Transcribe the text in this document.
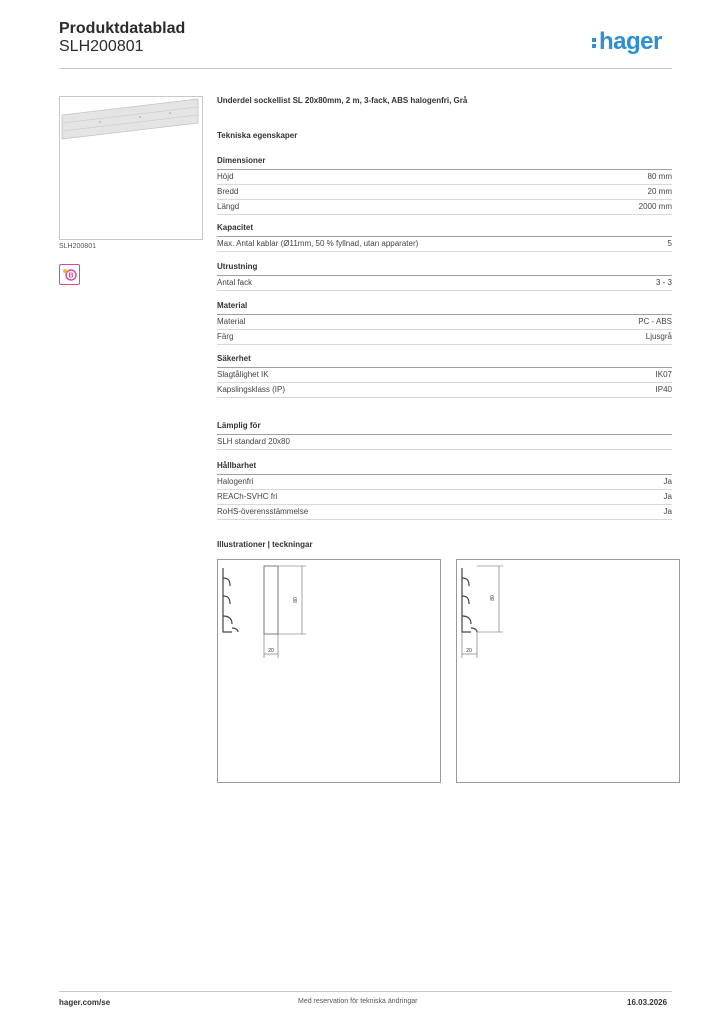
Produktdatablad
SLH200801	hager
SLH200801
B
Underdel sockellist SL 20x80mm, 2 m, 3-fack, ABS halogenfri, Grå
Tekniska egenskaper
Dimensioner
Höjd	80 mm
Bredd	20 mm
Längd	2000 mm
Kapacitet
Max. Antal kablar (Ø11mm, 50 % fyllnad, utan apparater)	5
Utrustning
Antal fack	3 - 3
Material
Material	PC - ABS
Färg	Ljusgrå
Säkerhet
Slagtålighet IK	IK07
Kapslingsklass (IP)	IP40
Lämplig för
SLH standard 20x80
Hållbarhet
Halogenfri	Ja
REACh-SVHC fri	Ja
RoHS-överensstämmelse	Ja
Illustrationer | teckningar
80
20
80
20
hager.com/se	Med reservation för tekniska ändringar	16.03.2026
